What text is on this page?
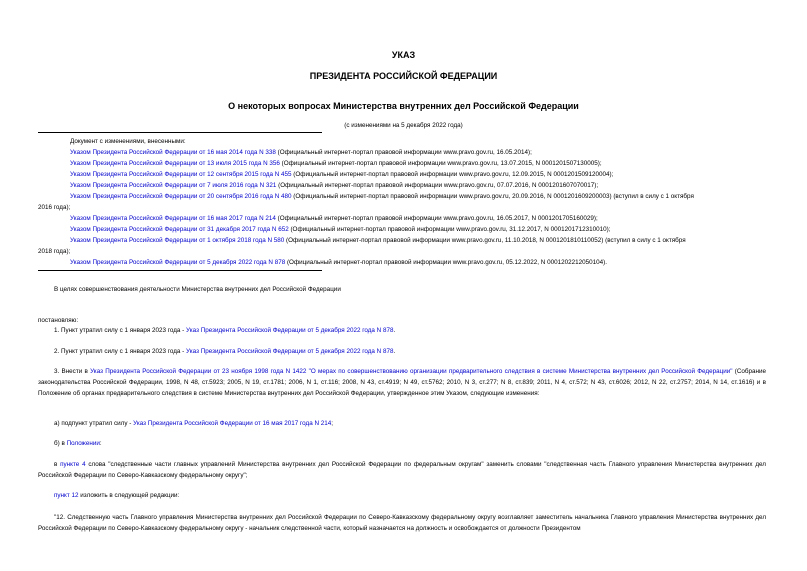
УКАЗ
ПРЕЗИДЕНТА РОССИЙСКОЙ ФЕДЕРАЦИИ
О некоторых вопросах Министерства внутренних дел Российской Федерации
(с изменениями на 5 декабря 2022 года)
Документ с изменениями, внесенными:
Указом Президента Российской Федерации от 16 мая 2014 года N 338 (Официальный интернет-портал правовой информации www.pravo.gov.ru, 16.05.2014);
Указом Президента Российской Федерации от 13 июля 2015 года N 356 (Официальный интернет-портал правовой информации www.pravo.gov.ru, 13.07.2015, N 0001201507130005);
Указом Президента Российской Федерации от 12 сентября 2015 года N 455 (Официальный интернет-портал правовой информации www.pravo.gov.ru, 12.09.2015, N 0001201509120004);
Указом Президента Российской Федерации от 7 июля 2016 года N 321 (Официальный интернет-портал правовой информации www.pravo.gov.ru, 07.07.2016, N 0001201607070017);
Указом Президента Российской Федерации от 20 сентября 2016 года N 480 (Официальный интернет-портал правовой информации www.pravo.gov.ru, 20.09.2016, N 0001201609200003) (вступил в силу с 1 октября
2016 года);
Указом Президента Российской Федерации от 16 мая 2017 года N 214 (Официальный интернет-портал правовой информации www.pravo.gov.ru, 16.05.2017, N 0001201705160029);
Указом Президента Российской Федерации от 31 декабря 2017 года N 652 (Официальный интернет-портал правовой информации www.pravo.gov.ru, 31.12.2017, N 0001201712310010);
Указом Президента Российской Федерации от 1 октября 2018 года N 580 (Официальный интернет-портал правовой информации www.pravo.gov.ru, 11.10.2018, N 0001201810110052) (вступил в силу с 1 октября
2018 года);
Указом Президента Российской Федерации от 5 декабря 2022 года N 878 (Официальный интернет-портал правовой информации www.pravo.gov.ru, 05.12.2022, N 0001202212050104).

В целях совершенствования деятельности Министерства внутренних дел Российской Федерации

постановляю:

1. Пункт утратил силу с 1 января 2023 года - Указ Президента Российской Федерации от 5 декабря 2022 года N 878.

2. Пункт утратил силу с 1 января 2023 года - Указ Президента Российской Федерации от 5 декабря 2022 года N 878.

3. Внести в Указ Президента Российской Федерации от 23 ноября 1998 года N 1422 "О мерах по совершенствованию организации предварительного следствия в системе Министерства внутренних дел Российской Федерации" (Собрание законодательства Российской Федерации, 1998, N 48, ст.5923; 2005, N 19, ст.1781; 2006, N 1, ст.116; 2008, N 43, ст.4919; N 49, ст.5762; 2010, N 3, ст.277; N 8, ст.839; 2011, N 4, ст.572; N 43, ст.6026; 2012, N 22, ст.2757; 2014, N 14, ст.1616) и в Положение об органах предварительного следствия в системе Министерства внутренних дел Российской Федерации, утвержденное этим Указом, следующие изменения:

а) подпункт утратил силу - Указ Президента Российской Федерации от 16 мая 2017 года N 214;

б) в Положении:

в пункте 4 слова "следственные части главных управлений Министерства внутренних дел Российской Федерации по федеральным округам" заменить словами "следственная часть Главного управления Министерства внутренних дел Российской Федерации по Северо-Кавказскому федеральному округу";

пункт 12 изложить в следующей редакции:

"12. Следственную часть Главного управления Министерства внутренних дел Российской Федерации по Северо-Кавказскому федеральному округу возглавляет заместитель начальника Главного управления Министерства внутренних дел Российской Федерации по Северо-Кавказскому федеральному округу - начальник следственной части, который назначается на должность и освобождается от должности Президентом
